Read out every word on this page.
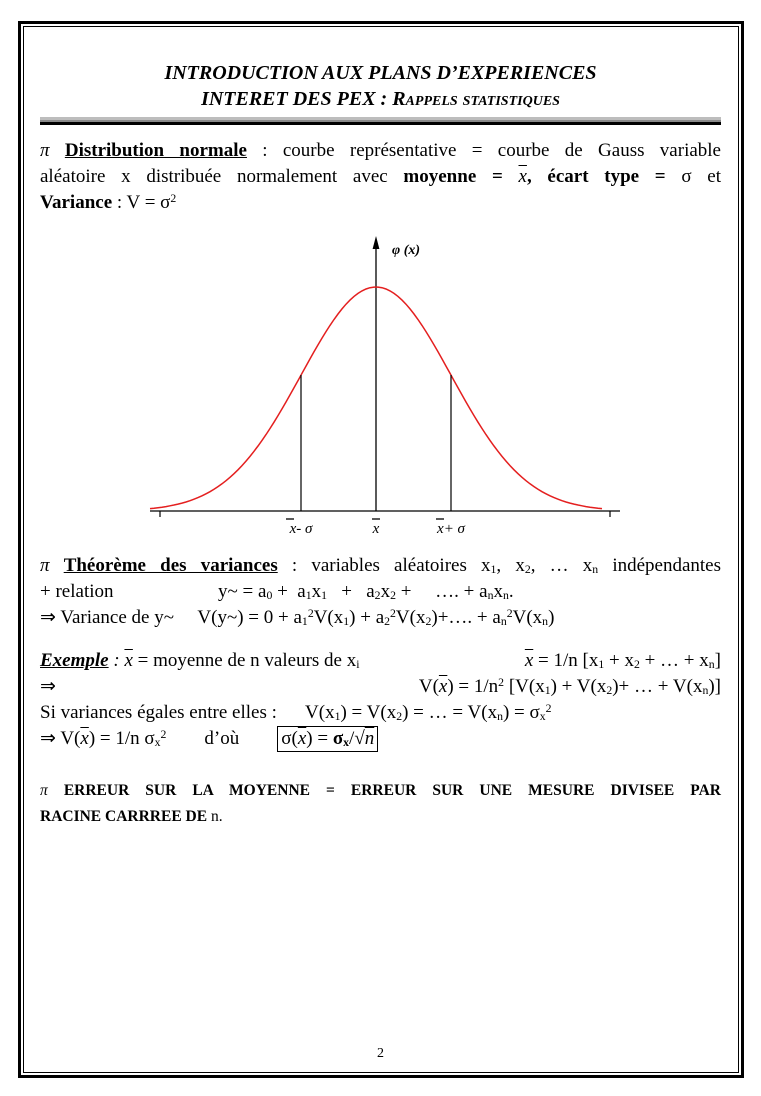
INTRODUCTION AUX PLANS D’EXPERIENCES
INTERET DES PEX : Rappels statistiques
π Distribution normale : courbe représentative = courbe de Gauss variable
aléatoire x distribuée normalement avec moyenne = $\overline{x}$, écart type = σ et
Variance : $V = \sigma^2$
φ (x)
x- σ	x	x+ σ
π Théorème des variances : variables aléatoires x1, x2, … xn indépendantes
+ relation                      y~ = a0 +  a1x1   +   a2x2 +     …. + anxn.
⇒ Variance de y~     V(y~) = $0 + a1^2V(x1)$ + $a2^2V(x2)+\dots$. + $an^2V(xn)$
Exemple : $\overline{x}$ = moyenne de n valeurs de xi	$\overline{x} = 1/n$ [x1 + x2 + … + xn]
⇒	$V(\overline{x}) = 1/n^2$ [V(x1) + V(x2)+ … + V(xn)]
Si variances égales entre elles :      V(x1) = V(x2) = … = $V(xn) = \sigma x^2$
⇒ $V(\overline{x}) = 1/n$ $\sigma x^2$        d’où        $\sigma(\overline{x}) = \sigma x/√n$
π ERREUR SUR LA MOYENNE = ERREUR SUR UNE MESURE DIVISEE PAR
RACINE CARRREE DE n.
2
